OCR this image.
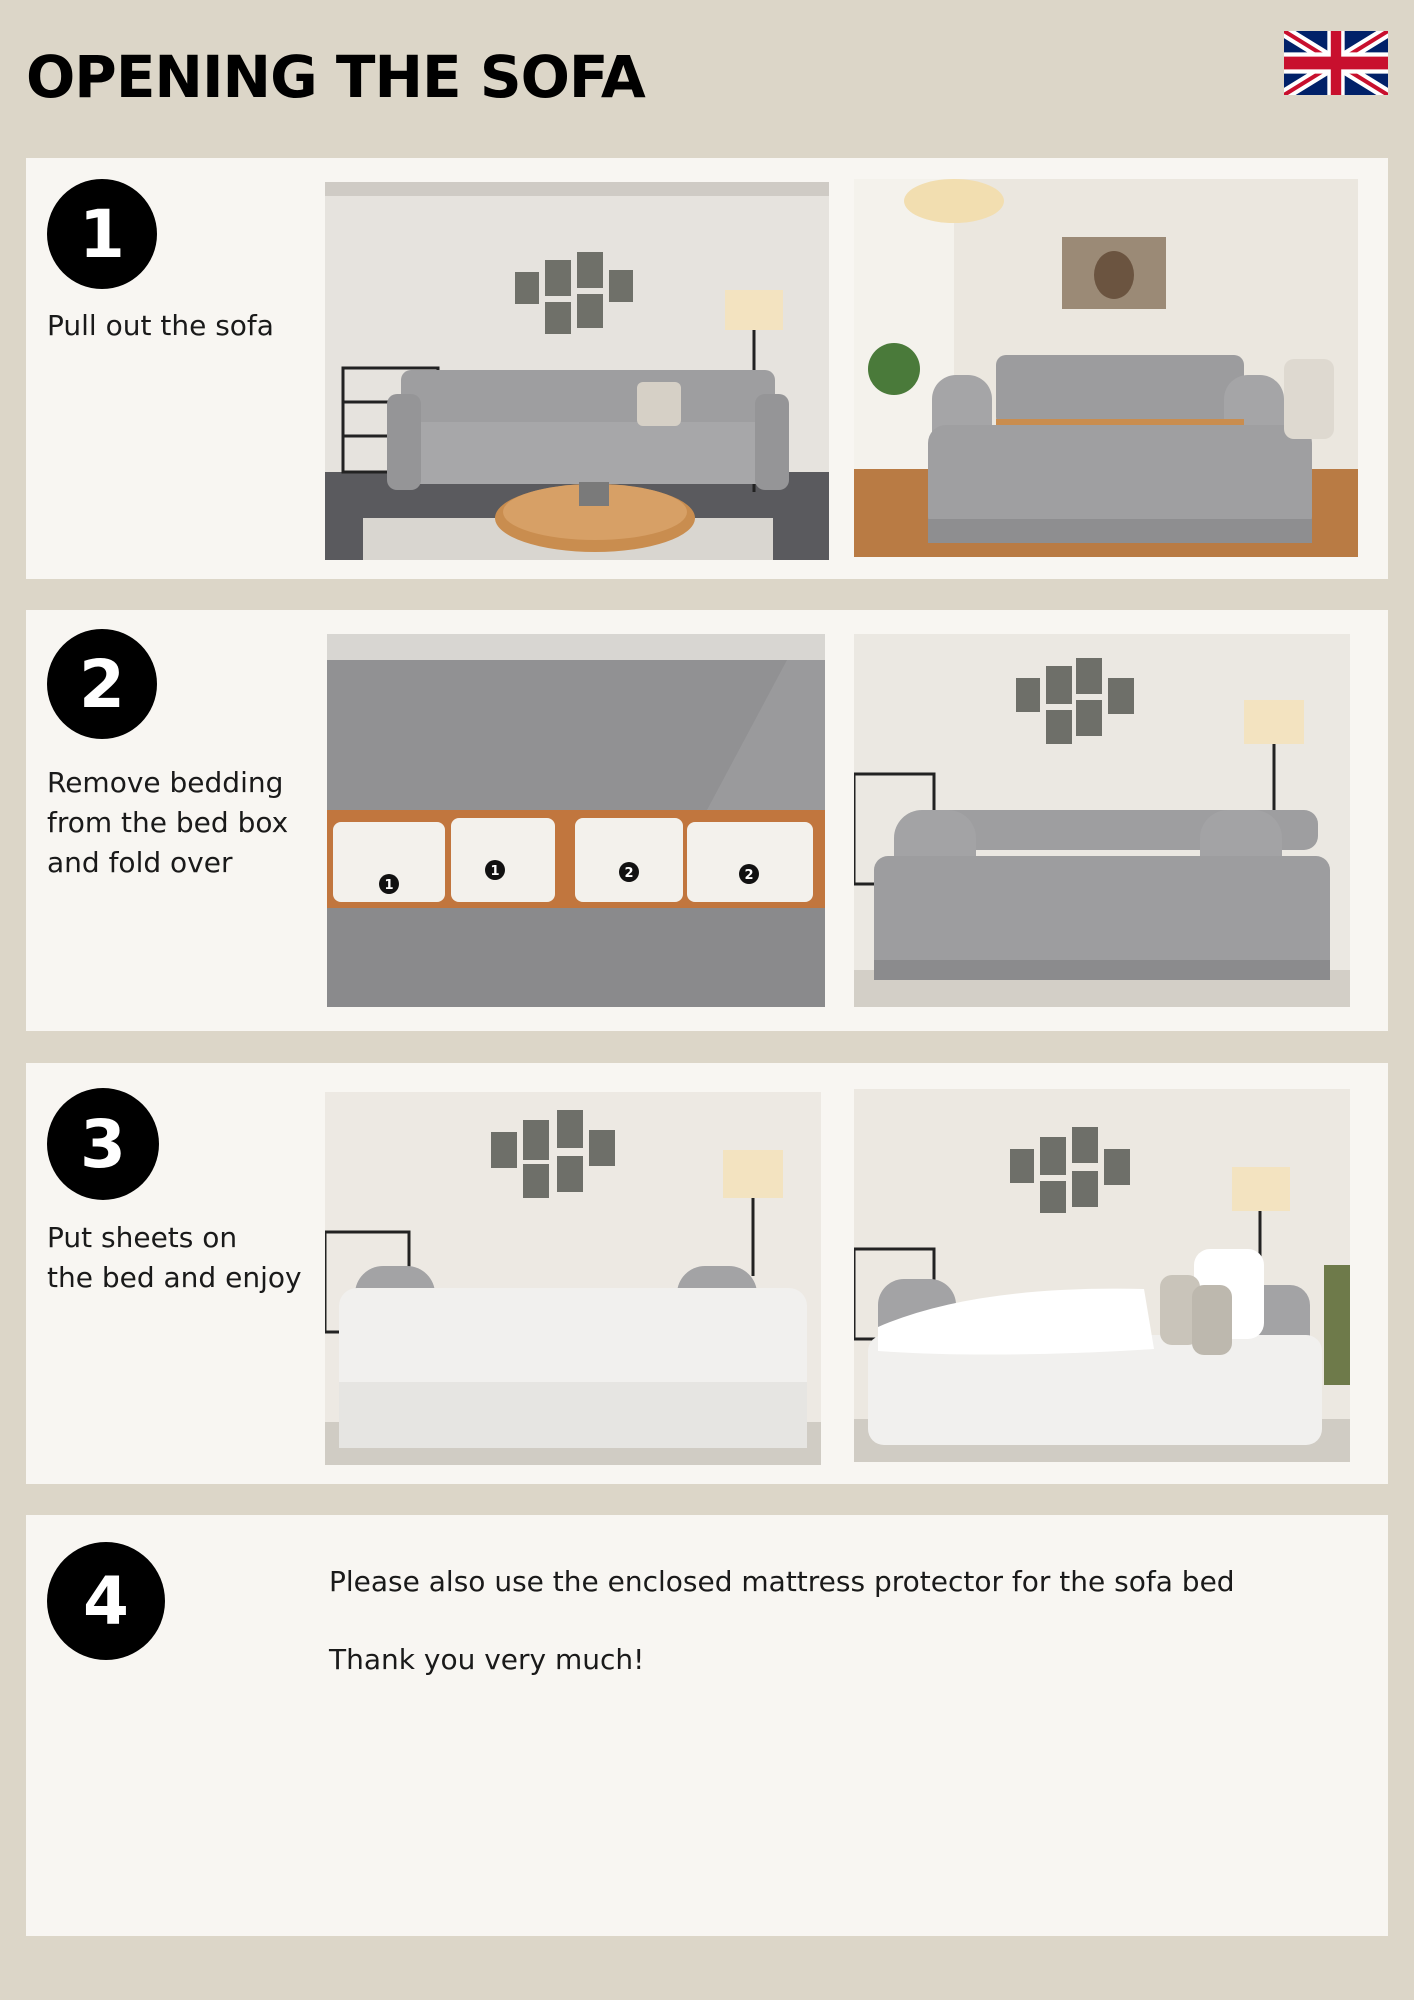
OPENING THE SOFA
1
Pull out the sofa
2
Remove bedding
from the bed box
and fold over
1
1	2	2
3
Put sheets on
the bed and enjoy
4	Please also use the enclosed mattress protector for the sofa bed
Thank you very much!
